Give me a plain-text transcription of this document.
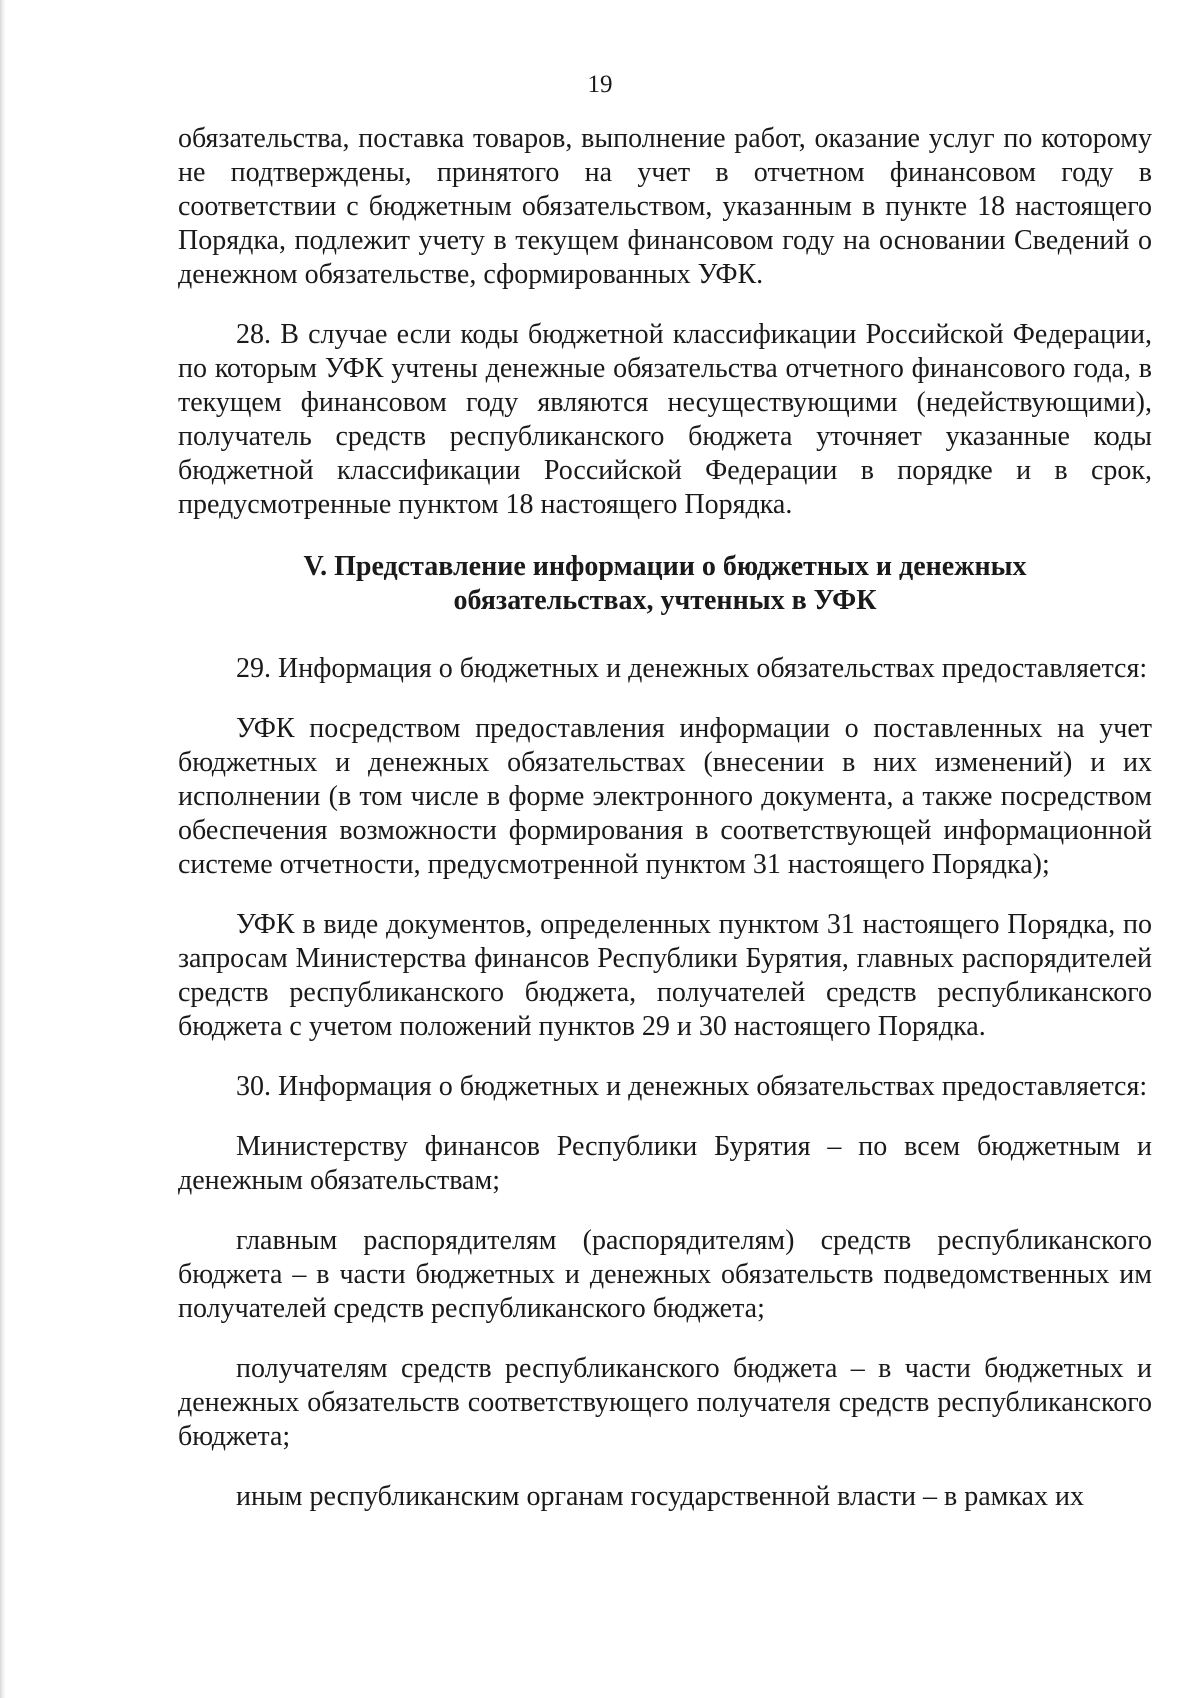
19

обязательства, поставка товаров, выполнение работ, оказание услуг по которому не подтверждены, принятого на учет в отчетном финансовом году в соответствии с бюджетным обязательством, указанным в пункте 18 настоящего Порядка, подлежит учету в текущем финансовом году на основании Сведений о денежном обязательстве, сформированных УФК.

28. В случае если коды бюджетной классификации Российской Федерации, по которым УФК учтены денежные обязательства отчетного финансового года, в текущем финансовом году являются несуществующими (недействующими), получатель средств республиканского бюджета уточняет указанные коды бюджетной классификации Российской Федерации в порядке и в срок, предусмотренные пунктом 18 настоящего Порядка.

V. Представление информации о бюджетных и денежных
обязательствах, учтенных в УФК

29. Информация о бюджетных и денежных обязательствах предоставляется:

УФК посредством предоставления информации о поставленных на учет бюджетных и денежных обязательствах (внесении в них изменений) и их исполнении (в том числе в форме электронного документа, а также посредством обеспечения возможности формирования в соответствующей информационной системе отчетности, предусмотренной пунктом 31 настоящего Порядка);

УФК в виде документов, определенных пунктом 31 настоящего Порядка, по запросам Министерства финансов Республики Бурятия, главных распорядителей средств республиканского бюджета, получателей средств республиканского бюджета с учетом положений пунктов 29 и 30 настоящего Порядка.

30. Информация о бюджетных и денежных обязательствах предоставляется:

Министерству финансов Республики Бурятия – по всем бюджетным и денежным обязательствам;

главным распорядителям (распорядителям) средств республиканского бюджета – в части бюджетных и денежных обязательств подведомственных им получателей средств республиканского бюджета;

получателям средств республиканского бюджета – в части бюджетных и денежных обязательств соответствующего получателя средств республиканского бюджета;

иным республиканским органам государственной власти – в рамках их
